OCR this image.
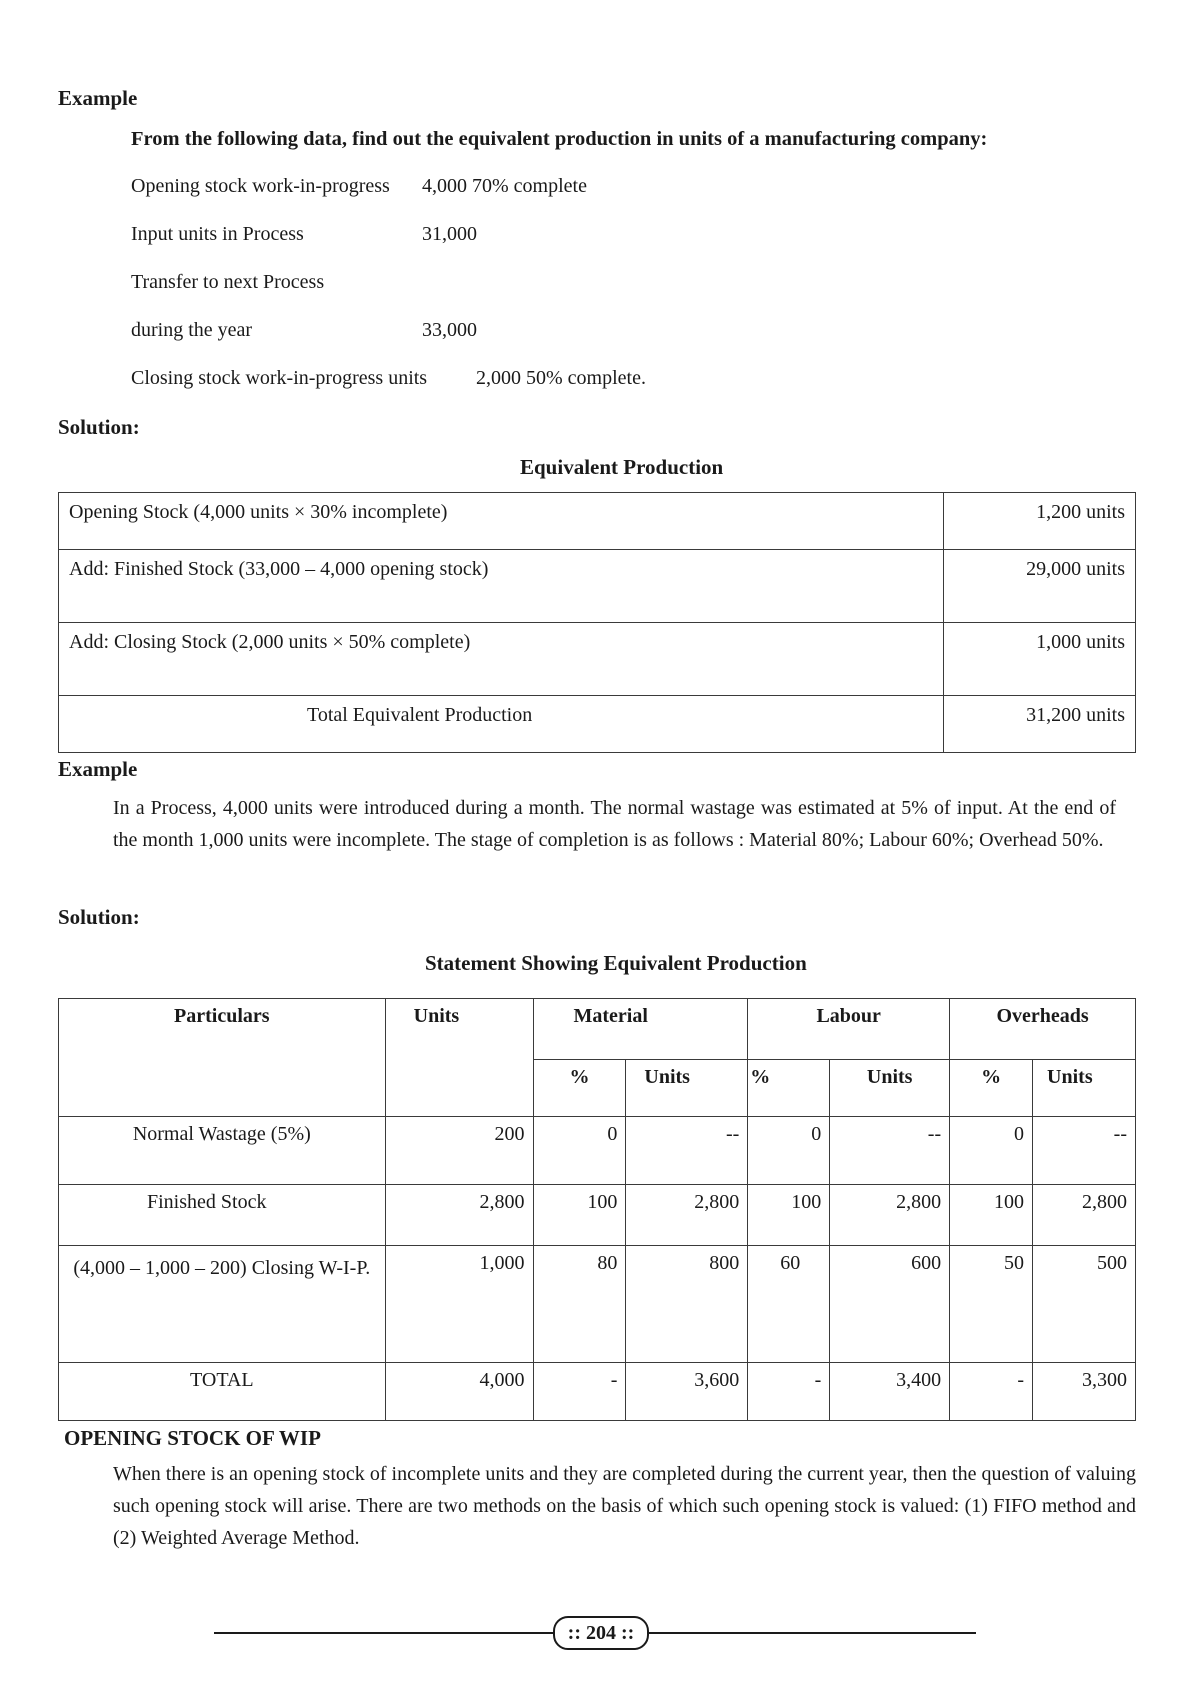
Example
From the following data, find out the equivalent production in units of a manufacturing company:
Opening stock work-in-progress 4,000 70% complete
Input units in Process	31,000
Transfer to next Process
during the year	33,000
Closing stock work-in-progress units 2,000 50% complete.
Solution:
Equivalent Production
Opening Stock (4,000 units × 30% incomplete)	1,200 units
Add: Finished Stock (33,000 – 4,000 opening stock)	29,000 units
Add: Closing Stock (2,000 units × 50% complete)	1,000 units
Total Equivalent Production	31,200 units
Example
In a Process, 4,000 units were introduced during a month. The normal wastage was estimated at 5% of input. At the end of the month 1,000 units were incomplete. The stage of completion is as follows : Material 80%; Labour 60%; Overhead 50%.
Solution:
Statement Showing Equivalent Production
Particulars	Units	Material		Labour		Overheads	
		%	Units	%	Units	%	Units
Normal Wastage (5%)	200	0	--	0	--	0	--
Finished Stock	2,800	100	2,800	100	2,800	100	2,800
(4,000 – 1,000 – 200) Closing W-I-P.	1,000	80	800	60	600	50	500
TOTAL	4,000	-	3,600	-	3,400	-	3,300
OPENING STOCK OF WIP
When there is an opening stock of incomplete units and they are completed during the current year, then the question of valuing such opening stock will arise. There are two methods on the basis of which such opening stock is valued: (1) FIFO method and (2) Weighted Average Method.
:: 204 ::
